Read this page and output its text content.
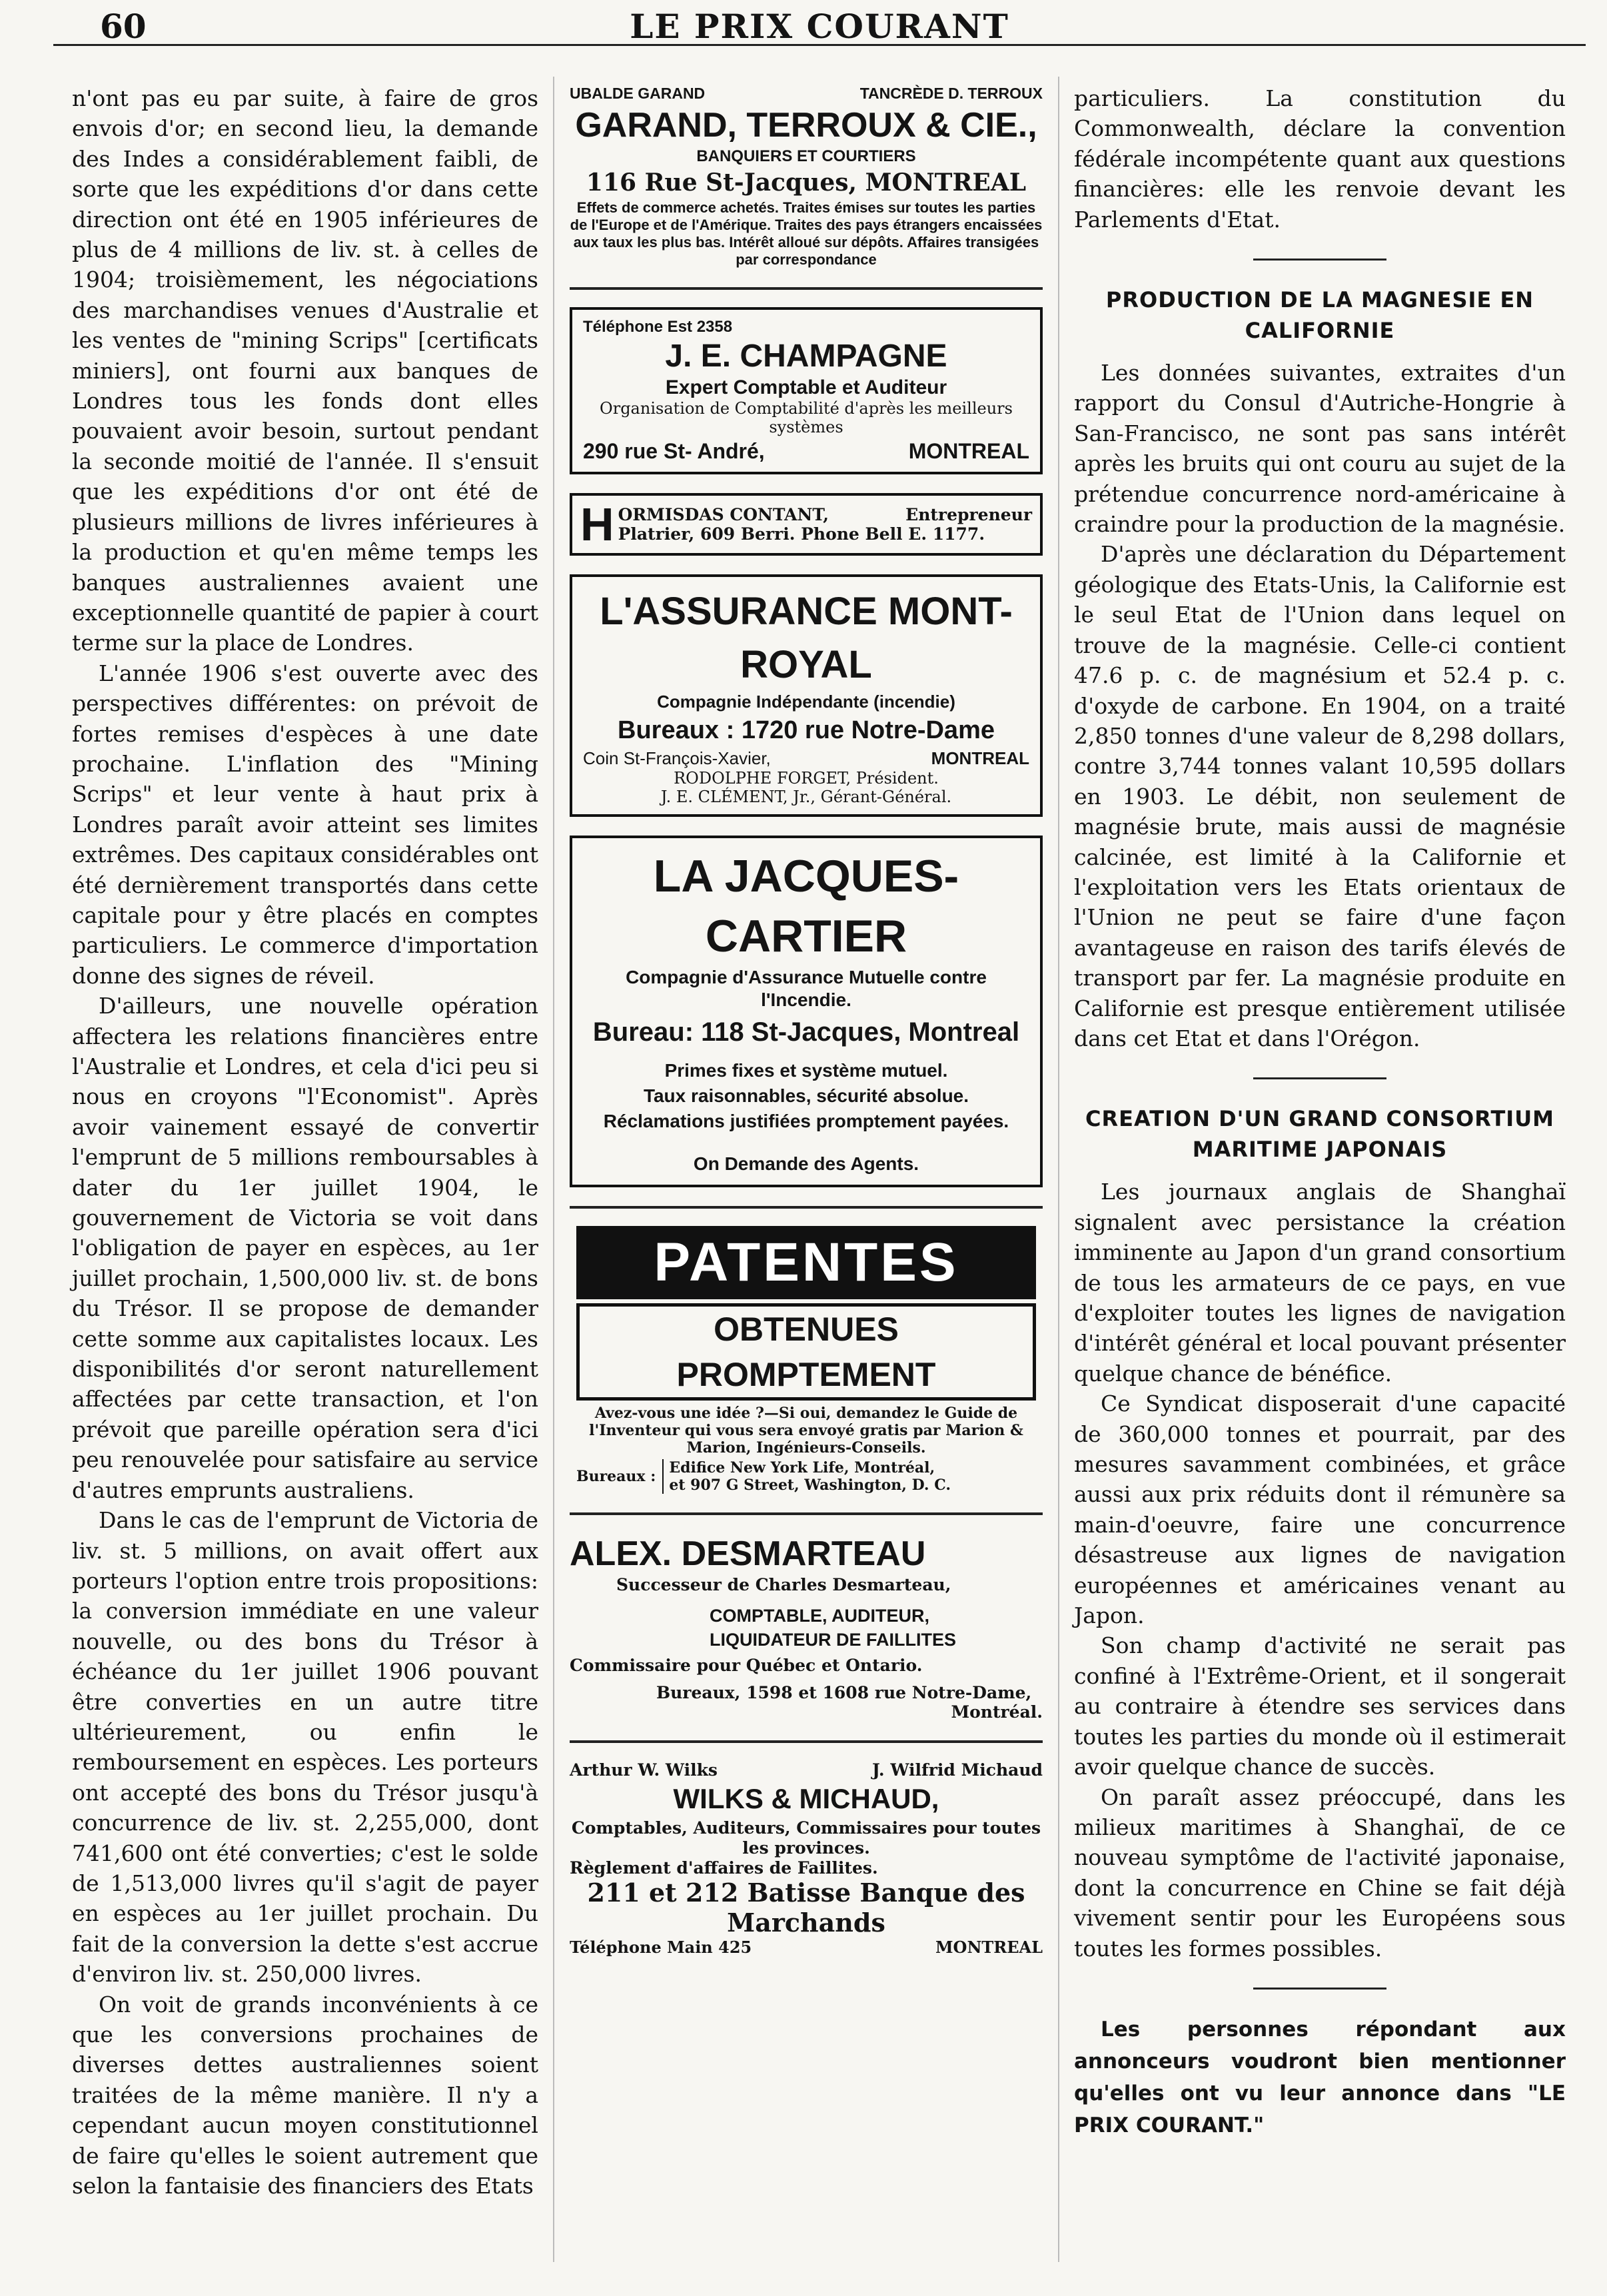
60	LE PRIX COURANT

n'ont pas eu par suite, à faire de gros envois d'or; en second lieu, la demande des Indes a considérablement faibli, de sorte que les expéditions d'or dans cette direction ont été en 1905 inférieures de plus de 4 millions de liv. st. à celles de 1904; troisièmement, les négociations des marchandises venues d'Australie et les ventes de "mining Scrips" [certificats miniers], ont fourni aux banques de Londres tous les fonds dont elles pouvaient avoir besoin, surtout pendant la seconde moitié de l'année. Il s'ensuit que les expéditions d'or ont été de plusieurs millions de livres inférieures à la production et qu'en même temps les banques australiennes avaient une exceptionnelle quantité de papier à court terme sur la place de Londres.

L'année 1906 s'est ouverte avec des perspectives différentes: on prévoit de fortes remises d'espèces à une date prochaine. L'inflation des "Mining Scrips" et leur vente à haut prix à Londres paraît avoir atteint ses limites extrêmes. Des capitaux considérables ont été dernièrement transportés dans cette capitale pour y être placés en comptes particuliers. Le commerce d'importation donne des signes de réveil.

D'ailleurs, une nouvelle opération affectera les relations financières entre l'Australie et Londres, et cela d'ici peu si nous en croyons "l'Economist". Après avoir vainement essayé de convertir l'emprunt de 5 millions remboursables à dater du 1er juillet 1904, le gouvernement de Victoria se voit dans l'obligation de payer en espèces, au 1er juillet prochain, 1,500,000 liv. st. de bons du Trésor. Il se propose de demander cette somme aux capitalistes locaux. Les disponibilités d'or seront naturellement affectées par cette transaction, et l'on prévoit que pareille opération sera d'ici peu renouvelée pour satisfaire au service d'autres emprunts australiens.

Dans le cas de l'emprunt de Victoria de liv. st. 5 millions, on avait offert aux porteurs l'option entre trois propositions: la conversion immédiate en une valeur nouvelle, ou des bons du Trésor à échéance du 1er juillet 1906 pouvant être converties en un autre titre ultérieurement, ou enfin le remboursement en espèces. Les porteurs ont accepté des bons du Trésor jusqu'à concurrence de liv. st. 2,255,000, dont 741,600 ont été converties; c'est le solde de 1,513,000 livres qu'il s'agit de payer en espèces au 1er juillet prochain. Du fait de la conversion la dette s'est accrue d'environ liv. st. 250,000 livres.

On voit de grands inconvénients à ce que les conversions prochaines de diverses dettes australiennes soient traitées de la même manière. Il n'y a cependant aucun moyen constitutionnel de faire qu'elles le soient autrement que selon la fantaisie des financiers des Etats

UBALDE GARAND	TANCRÈDE D. TERROUX
GARAND, TERROUX & CIE.,
BANQUIERS ET COURTIERS
116 Rue St-Jacques, MONTREAL
Effets de commerce achetés. Traites émises sur toutes les parties de l'Europe et de l'Amérique. Traites des pays étrangers encaissées aux taux les plus bas. Intérêt alloué sur dépôts. Affaires transigées par correspondance
Téléphone Est 2358
J. E. CHAMPAGNE
Expert Comptable et Auditeur
Organisation de Comptabilité d'après les meilleurs systèmes
290 rue St- André,	MONTREAL
H ORMISDAS CONTANT,	Entrepreneur
Platrier, 609 Berri. Phone Bell E. 1177.
L'ASSURANCE MONT-ROYAL
Compagnie Indépendante (incendie)
Bureaux : 1720 rue Notre-Dame
Coin St-François-Xavier,	MONTREAL
RODOLPHE FORGET, Président.
J. E. CLÉMENT, Jr., Gérant-Général.
LA JACQUES-CARTIER
Compagnie d'Assurance Mutuelle contre l'Incendie.
Bureau: 118 St-Jacques, Montreal
Primes fixes et système mutuel.
Taux raisonnables, sécurité absolue.
Réclamations justifiées promptement payées.
On Demande des Agents.
PATENTES
OBTENUES PROMPTEMENT
Avez-vous une idée ?—Si oui, demandez le Guide de l'Inventeur qui vous sera envoyé gratis par Marion & Marion, Ingénieurs-Conseils.
Bureaux : Edifice New York Life, Montréal,
et 907 G Street, Washington, D. C.
ALEX. DESMARTEAU
Successeur de Charles Desmarteau,
COMPTABLE, AUDITEUR, LIQUIDATEUR DE FAILLITES
Commissaire pour Québec et Ontario.
Bureaux, 1598 et 1608 rue Notre-Dame,
Montréal.
Arthur W. Wilks	J. Wilfrid Michaud
WILKS & MICHAUD,
Comptables, Auditeurs, Commissaires pour toutes les provinces.
Règlement d'affaires de Faillites.
211 et 212 Batisse Banque des Marchands
Téléphone Main 425	MONTREAL

particuliers. La constitution du Commonwealth, déclare la convention fédérale incompétente quant aux questions financières: elle les renvoie devant les Parlements d'Etat.

PRODUCTION DE LA MAGNESIE EN CALIFORNIE

Les données suivantes, extraites d'un rapport du Consul d'Autriche-Hongrie à San-Francisco, ne sont pas sans intérêt après les bruits qui ont couru au sujet de la prétendue concurrence nord-américaine à craindre pour la production de la magnésie.

D'après une déclaration du Département géologique des Etats-Unis, la Californie est le seul Etat de l'Union dans lequel on trouve de la magnésie. Celle-ci contient 47.6 p. c. de magnésium et 52.4 p. c. d'oxyde de carbone. En 1904, on a traité 2,850 tonnes d'une valeur de 8,298 dollars, contre 3,744 tonnes valant 10,595 dollars en 1903. Le débit, non seulement de magnésie brute, mais aussi de magnésie calcinée, est limité à la Californie et l'exploitation vers les Etats orientaux de l'Union ne peut se faire d'une façon avantageuse en raison des tarifs élevés de transport par fer. La magnésie produite en Californie est presque entièrement utilisée dans cet Etat et dans l'Orégon.

CREATION D'UN GRAND CONSORTIUM MARITIME JAPONAIS

Les journaux anglais de Shanghaï signalent avec persistance la création imminente au Japon d'un grand consortium de tous les armateurs de ce pays, en vue d'exploiter toutes les lignes de navigation d'intérêt général et local pouvant présenter quelque chance de bénéfice.

Ce Syndicat disposerait d'une capacité de 360,000 tonnes et pourrait, par des mesures savamment combinées, et grâce aussi aux prix réduits dont il rémunère sa main-d'oeuvre, faire une concurrence désastreuse aux lignes de navigation européennes et américaines venant au Japon.

Son champ d'activité ne serait pas confiné à l'Extrême-Orient, et il songerait au contraire à étendre ses services dans toutes les parties du monde où il estimerait avoir quelque chance de succès.

On paraît assez préoccupé, dans les milieux maritimes à Shanghaï, de ce nouveau symptôme de l'activité japonaise, dont la concurrence en Chine se fait déjà vivement sentir pour les Européens sous toutes les formes possibles.

Les personnes répondant aux annonceurs voudront bien mentionner qu'elles ont vu leur annonce dans "LE PRIX COURANT."
